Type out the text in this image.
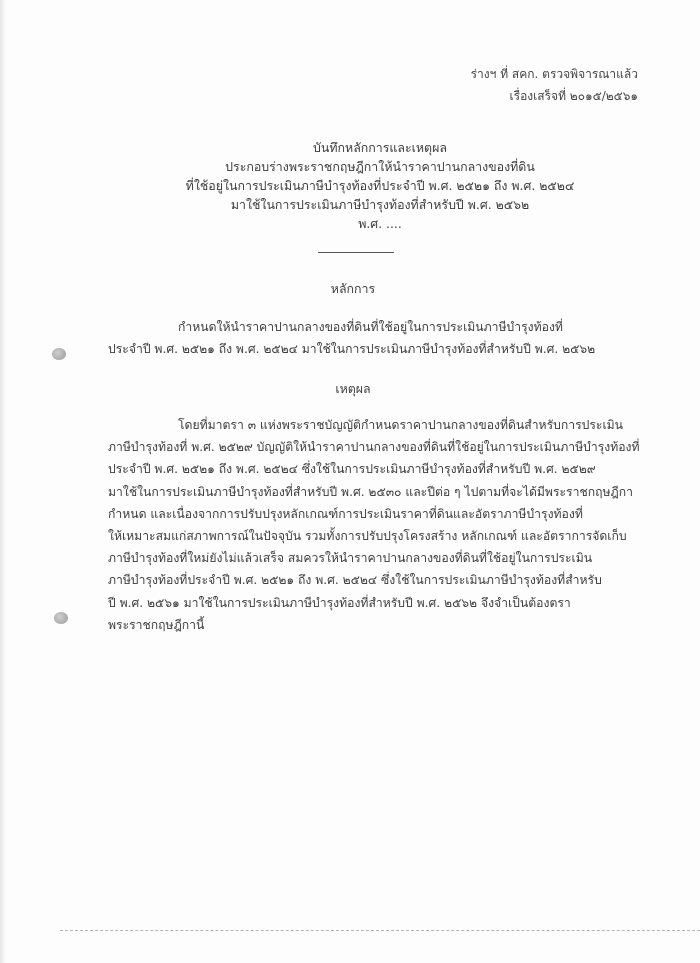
ร่างฯ ที่ สคก. ตรวจพิจารณาแล้ว
เรื่องเสร็จที่ ๒๐๑๕/๒๕๖๑
บันทึกหลักการและเหตุผล
ประกอบร่างพระราชกฤษฎีกาให้นำราคาปานกลางของที่ดิน
ที่ใช้อยู่ในการประเมินภาษีบำรุงท้องที่ประจำปี พ.ศ. ๒๕๒๑ ถึง พ.ศ. ๒๕๒๔
มาใช้ในการประเมินภาษีบำรุงท้องที่สำหรับปี พ.ศ. ๒๕๖๒
พ.ศ. ....
หลักการ
กำหนดให้นำราคาปานกลางของที่ดินที่ใช้อยู่ในการประเมินภาษีบำรุงท้องที่
ประจำปี พ.ศ. ๒๕๒๑ ถึง พ.ศ. ๒๕๒๔ มาใช้ในการประเมินภาษีบำรุงท้องที่สำหรับปี พ.ศ. ๒๕๖๒
เหตุผล
โดยที่มาตรา ๓ แห่งพระราชบัญญัติกำหนดราคาปานกลางของที่ดินสำหรับการประเมิน
ภาษีบำรุงท้องที่ พ.ศ. ๒๕๒๙ บัญญัติให้นำราคาปานกลางของที่ดินที่ใช้อยู่ในการประเมินภาษีบำรุงท้องที่
ประจำปี พ.ศ. ๒๕๒๑ ถึง พ.ศ. ๒๕๒๔ ซึ่งใช้ในการประเมินภาษีบำรุงท้องที่สำหรับปี พ.ศ. ๒๕๒๙
มาใช้ในการประเมินภาษีบำรุงท้องที่สำหรับปี พ.ศ. ๒๕๓๐ และปีต่อ ๆ ไปตามที่จะได้มีพระราชกฤษฎีกา
กำหนด และเนื่องจากการปรับปรุงหลักเกณฑ์การประเมินราคาที่ดินและอัตราภาษีบำรุงท้องที่
ให้เหมาะสมแก่สภาพการณ์ในปัจจุบัน รวมทั้งการปรับปรุงโครงสร้าง หลักเกณฑ์ และอัตราการจัดเก็บ
ภาษีบำรุงท้องที่ใหม่ยังไม่แล้วเสร็จ สมควรให้นำราคาปานกลางของที่ดินที่ใช้อยู่ในการประเมิน
ภาษีบำรุงท้องที่ประจำปี พ.ศ. ๒๕๒๑ ถึง พ.ศ. ๒๕๒๔ ซึ่งใช้ในการประเมินภาษีบำรุงท้องที่สำหรับ
ปี พ.ศ. ๒๕๖๑ มาใช้ในการประเมินภาษีบำรุงท้องที่สำหรับปี พ.ศ. ๒๕๖๒ จึงจำเป็นต้องตรา
พระราชกฤษฎีกานี้
